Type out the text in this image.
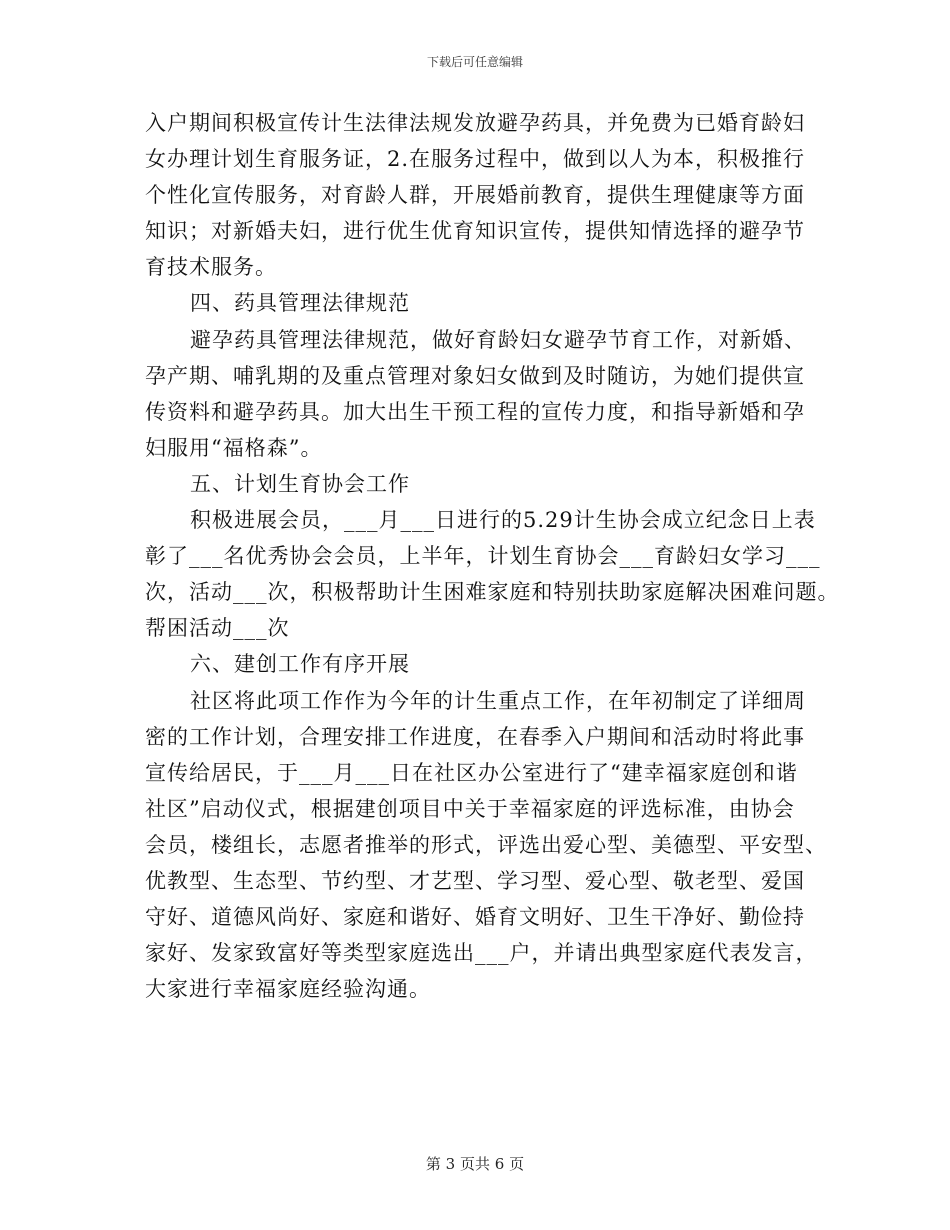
下载后可任意编辑
入户期间积极宣传计生法律法规发放避孕药具，并免费为已婚育龄妇
女办理计划生育服务证，2.在服务过程中，做到以人为本，积极推行
个性化宣传服务，对育龄人群，开展婚前教育，提供生理健康等方面
知识；对新婚夫妇，进行优生优育知识宣传，提供知情选择的避孕节
育技术服务。
四、药具管理法律规范
避孕药具管理法律规范，做好育龄妇女避孕节育工作，对新婚、
孕产期、哺乳期的及重点管理对象妇女做到及时随访，为她们提供宣
传资料和避孕药具。加大出生干预工程的宣传力度，和指导新婚和孕
妇服用“福格森”。
五、计划生育协会工作
积极进展会员，___月___日进行的5.29计生协会成立纪念日上表
彰了___名优秀协会会员，上半年，计划生育协会___育龄妇女学习___
次，活动___次，积极帮助计生困难家庭和特别扶助家庭解决困难问题。
帮困活动___次
六、建创工作有序开展
社区将此项工作作为今年的计生重点工作，在年初制定了详细周
密的工作计划，合理安排工作进度，在春季入户期间和活动时将此事
宣传给居民，于___月___日在社区办公室进行了“建幸福家庭创和谐
社区”启动仪式，根据建创项目中关于幸福家庭的评选标准，由协会
会员，楼组长，志愿者推举的形式，评选出爱心型、美德型、平安型、
优教型、生态型、节约型、才艺型、学习型、爱心型、敬老型、爱国
守好、道德风尚好、家庭和谐好、婚育文明好、卫生干净好、勤俭持
家好、发家致富好等类型家庭选出___户，并请出典型家庭代表发言，
大家进行幸福家庭经验沟通。
第 3 页共 6 页
